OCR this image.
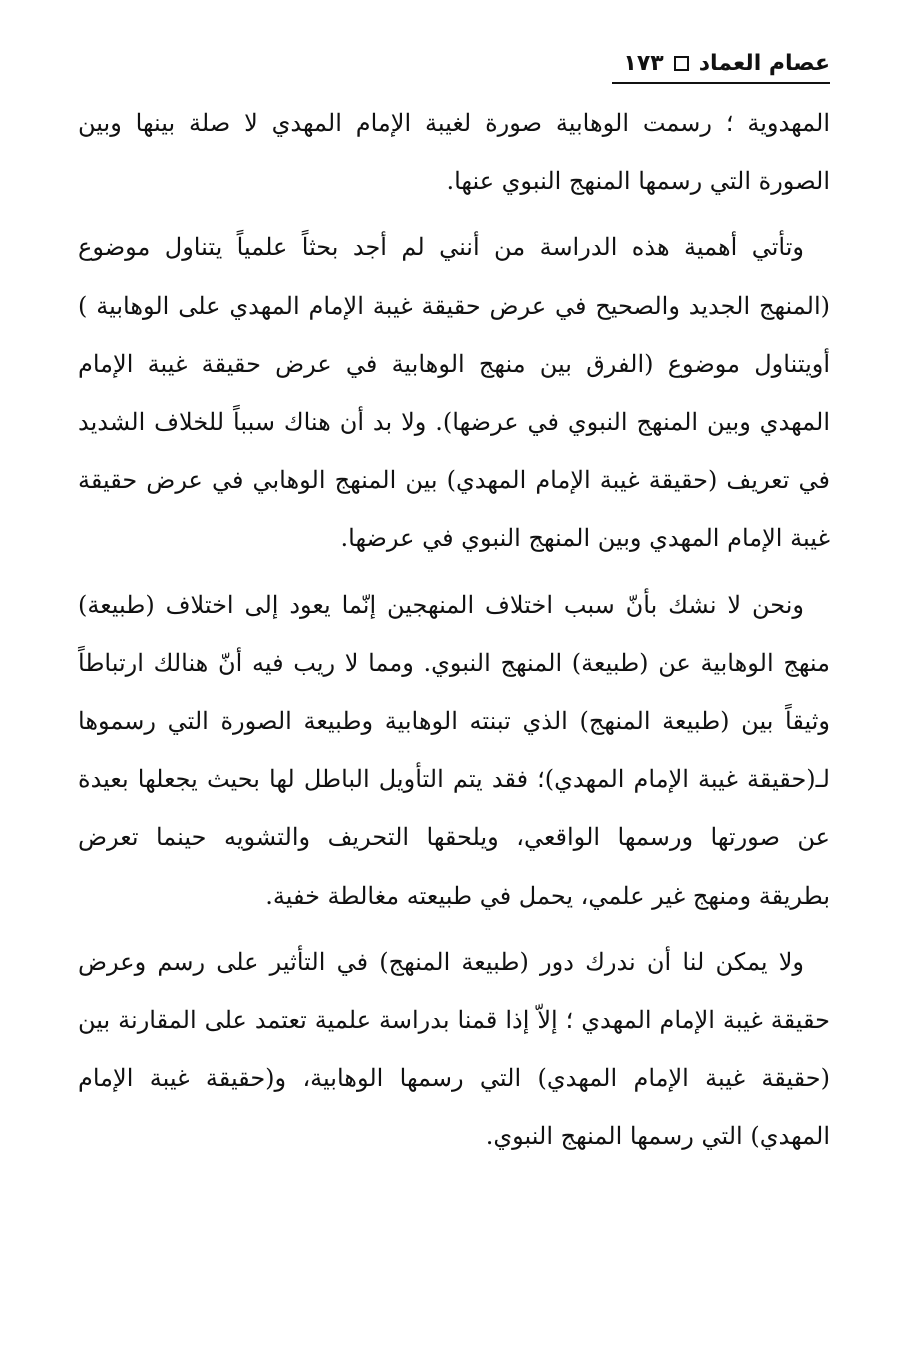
عصام العماد
١٧٣

المهدوية ؛ رسمت الوهابية صورة لغيبة الإمام المهدي لا صلة بينها وبين الصورة التي رسمها المنهج النبوي عنها.

وتأتي أهمية هذه الدراسة من أنني لم أجد بحثاً علمياً يتناول موضوع (المنهج الجديد والصحيح في عرض حقيقة غيبة الإمام المهدي على الوهابية ) أويتناول موضوع (الفرق بين منهج الوهابية في عرض حقيقة غيبة الإمام المهدي وبين المنهج النبوي في عرضها). ولا بد أن هناك سبباً للخلاف الشديد في تعريف (حقيقة غيبة الإمام المهدي) بين المنهج الوهابي في عرض حقيقة غيبة الإمام المهدي وبين المنهج النبوي في عرضها.

ونحن لا نشك بأنّ سبب اختلاف المنهجين إنّما يعود إلى اختلاف (طبيعة) منهج الوهابية عن (طبيعة) المنهج النبوي. ومما لا ريب فيه أنّ هنالك ارتباطاً وثيقاً بين (طبيعة المنهج) الذي تبنته الوهابية وطبيعة الصورة التي رسموها لـ(حقيقة غيبة الإمام المهدي)؛ فقد يتم التأويل الباطل لها بحيث يجعلها بعيدة عن صورتها ورسمها الواقعي، ويلحقها التحريف والتشويه حينما تعرض بطريقة ومنهج غير علمي، يحمل في طبيعته مغالطة خفية.

ولا يمكن لنا أن ندرك دور (طبيعة المنهج) في التأثير على رسم وعرض حقيقة غيبة الإمام المهدي ؛ إلاّ إذا قمنا بدراسة علمية تعتمد على المقارنة بين (حقيقة غيبة الإمام المهدي) التي رسمها الوهابية، و(حقيقة غيبة الإمام المهدي) التي رسمها المنهج النبوي.
